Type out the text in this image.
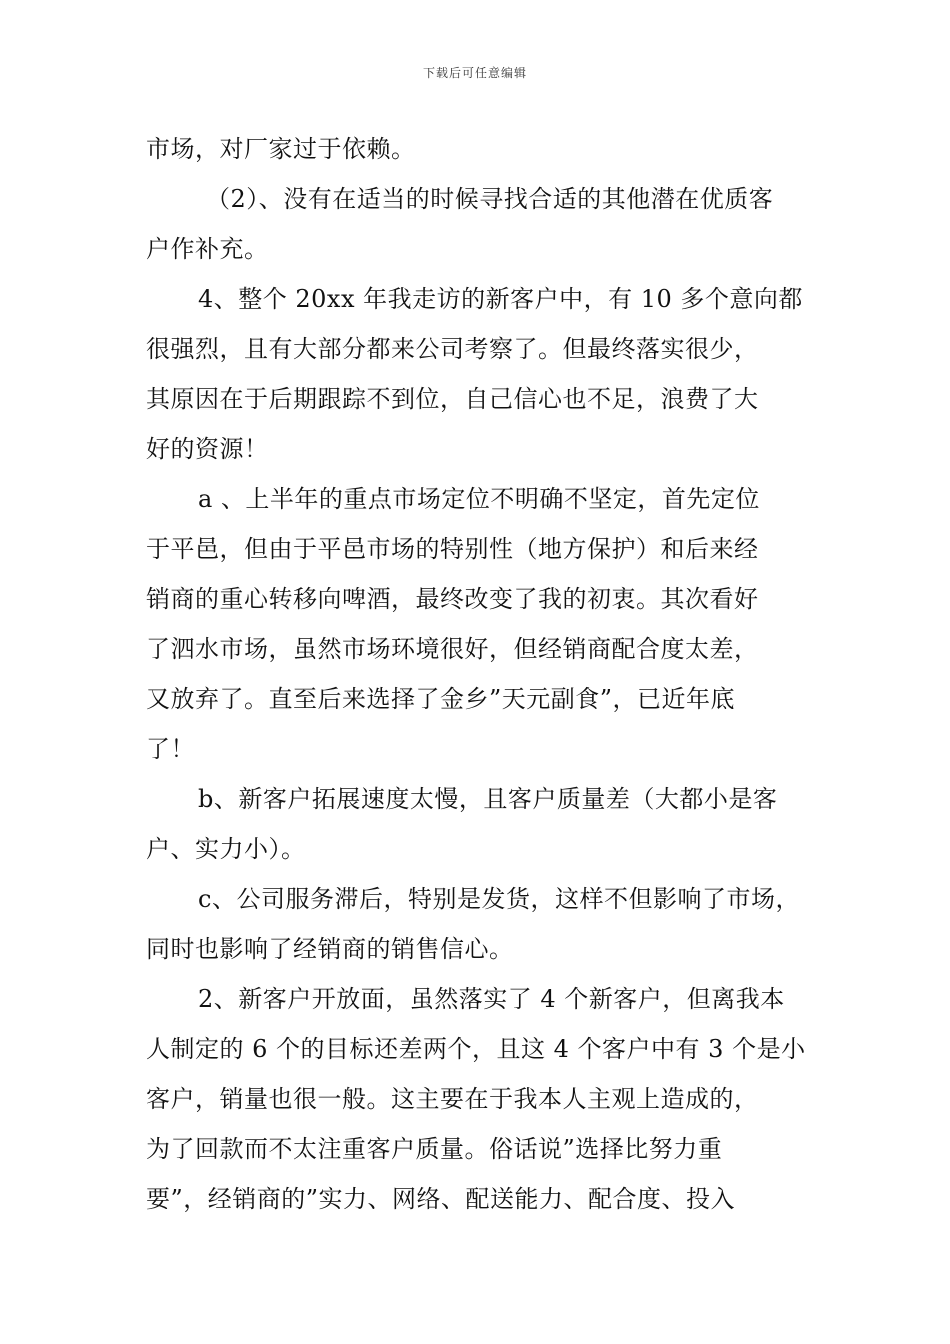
下载后可任意编辑
市场，对厂家过于依赖。
（2）、没有在适当的时候寻找合适的其他潜在优质客
户作补充。
4、整个 20xx 年我走访的新客户中，有 10 多个意向都
很强烈，且有大部分都来公司考察了。但最终落实很少，
其原因在于后期跟踪不到位，自己信心也不足，浪费了大
好的资源！
a 、上半年的重点市场定位不明确不坚定，首先定位
于平邑，但由于平邑市场的特别性（地方保护）和后来经
销商的重心转移向啤酒，最终改变了我的初衷。其次看好
了泗水市场，虽然市场环境很好，但经销商配合度太差，
又放弃了。直至后来选择了金乡”天元副食”，已近年底
了！
b、新客户拓展速度太慢，且客户质量差（大都小是客
户、实力小）。
c、公司服务滞后，特别是发货，这样不但影响了市场，
同时也影响了经销商的销售信心。
2、新客户开放面，虽然落实了 4 个新客户，但离我本
人制定的 6 个的目标还差两个，且这 4 个客户中有 3 个是小
客户，销量也很一般。这主要在于我本人主观上造成的，
为了回款而不太注重客户质量。俗话说”选择比努力重
要”，经销商的”实力、网络、配送能力、配合度、投入
